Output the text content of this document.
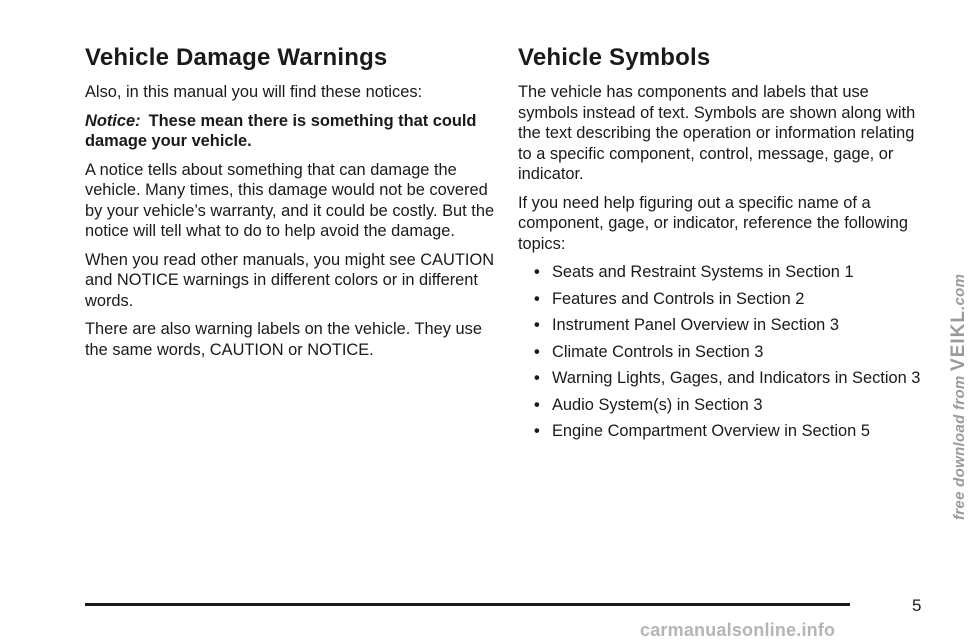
Vehicle Damage Warnings

Also, in this manual you will find these notices:

Notice: These mean there is something that could damage your vehicle.

A notice tells about something that can damage the vehicle. Many times, this damage would not be covered by your vehicle’s warranty, and it could be costly. But the notice will tell what to do to help avoid the damage.

When you read other manuals, you might see CAUTION and NOTICE warnings in different colors or in different words.

There are also warning labels on the vehicle. They use the same words, CAUTION or NOTICE.

Vehicle Symbols

The vehicle has components and labels that use symbols instead of text. Symbols are shown along with the text describing the operation or information relating to a specific component, control, message, gage, or indicator.

If you need help figuring out a specific name of a component, gage, or indicator, reference the following topics:

• Seats and Restraint Systems in Section 1
• Features and Controls in Section 2
• Instrument Panel Overview in Section 3
• Climate Controls in Section 3
• Warning Lights, Gages, and Indicators in Section 3
• Audio System(s) in Section 3
• Engine Compartment Overview in Section 5
5
free download from VEIKL.com
carmanualsonline.info
